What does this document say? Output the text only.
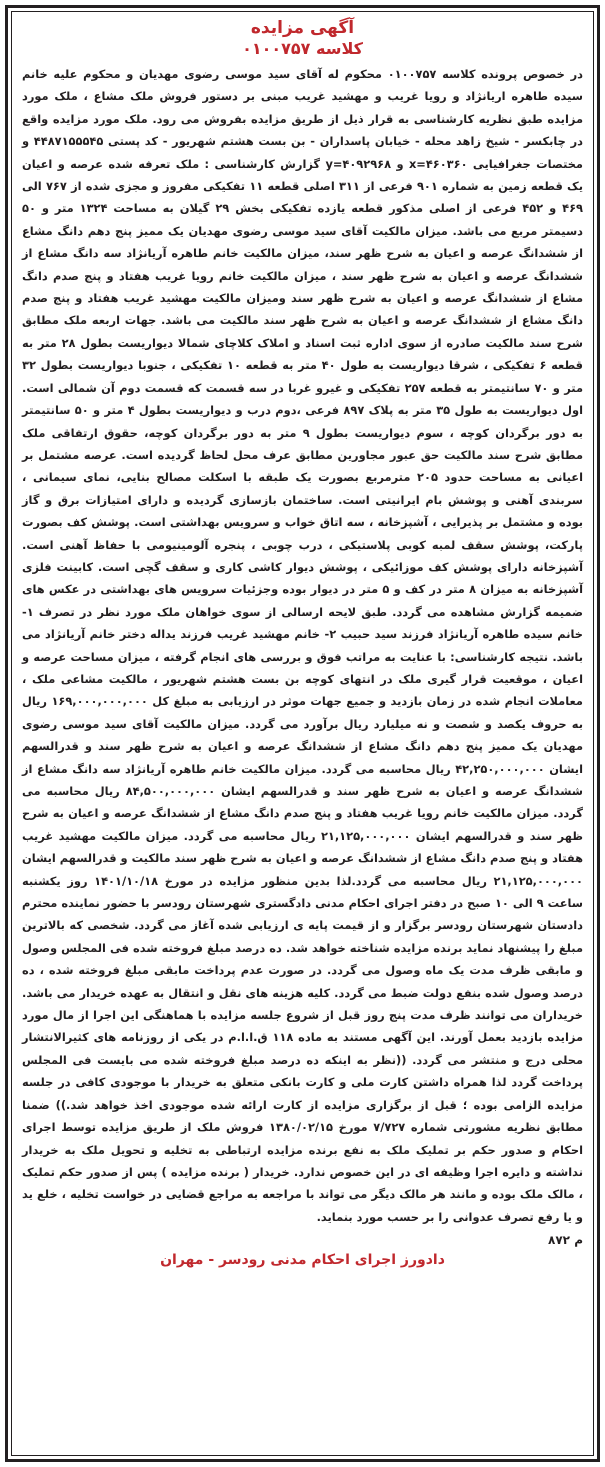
آگهی مزایده
کلاسه ۰۱۰۰۷۵۷

در خصوص پرونده کلاسه ۰۱۰۰۷۵۷ محکوم له آقای سید موسی رضوی مهدیان و محکوم علیه خانم سیده طاهره اریانژاد و رویا غریب و مهشید غریب مبنی بر دستور فروش ملک مشاع ، ملک مورد مزایده طبق نظریه کارشناسی به قرار ذیل از طریق مزایده بفروش می رود. ملک مورد مزایده واقع در چابکسر - شیخ زاهد محله - خیابان پاسداران - بن بست هشتم شهریور - کد پستی ۴۴۸۷۱۵۵۵۴۵ و مختصات جغرافیایی x=۴۶۰۳۶۰ و y=۴۰۹۲۹۶۸ گزارش کارشناسی : ملک تعرفه شده عرصه و اعیان یک قطعه زمین به شماره ۹۰۱ فرعی از ۳۱۱ اصلی قطعه ۱۱ تفکیکی مفروز و مجزی شده از ۷۶۷ الی ۴۶۹ و ۴۵۲ فرعی از اصلی مذکور قطعه یازده تفکیکی بخش ۲۹ گیلان به مساحت ۱۳۲۴ متر و ۵۰ دسیمتر مربع می باشد. میزان مالکیت آقای سید موسی رضوی مهدیان یک ممیز پنج دهم دانگ مشاع از ششدانگ عرصه و اعیان به شرح ظهر سند، میزان مالکیت خانم طاهره آریانژاد سه دانگ مشاع از ششدانگ عرصه و اعیان به شرح ظهر سند ، میزان مالکیت خانم رویا غریب هفتاد و پنج صدم دانگ مشاع از ششدانگ عرصه و اعیان به شرح ظهر سند ومیزان مالکیت مهشید غریب هفتاد و پنج صدم دانگ مشاع از ششدانگ عرصه و اعیان به شرح ظهر سند مالکیت می باشد. جهات اربعه ملک مطابق شرح سند مالکیت صادره از سوی اداره ثبت اسناد و املاک کلاچای شمالا دیواریست بطول ۲۸ متر به قطعه ۶ تفکیکی ، شرقا دیواریست به طول ۴۰ متر به قطعه ۱۰ تفکیکی ، جنوبا دیواریست بطول ۳۲ متر و ۷۰ سانتیمتر به قطعه ۲۵۷ تفکیکی و غیرو غربا در سه قسمت که قسمت دوم آن شمالی است. اول دیواریست به طول ۳۵ متر به پلاک ۸۹۷ فرعی ،دوم درب و دیواریست بطول ۴ متر و ۵۰ سانتیمتر به دور برگردان کوچه ، سوم دیواریست بطول ۹ متر به دور برگردان کوچه، حقوق ارتفاقی ملک مطابق شرح سند مالکیت حق عبور مجاورین مطابق عرف محل لحاظ گردیده است. عرصه مشتمل بر اعیانی به مساحت حدود ۲۰۵ مترمربع بصورت یک طبقه با اسکلت مصالح بنایی، نمای سیمانی ، سربندی آهنی و پوشش بام ایرانیتی است. ساختمان بازسازی گردیده و دارای امتیازات برق و گاز بوده و مشتمل بر پذیرایی ، آشپزخانه ، سه اتاق خواب و سرویس بهداشتی است. پوشش کف بصورت پارکت، پوشش سقف لمبه کوبی پلاستیکی ، درب چوبی ، پنجره آلومینیومی با حفاظ آهنی است. آشپزخانه دارای پوشش کف موزائیکی ، پوشش دیوار کاشی کاری و سقف گچی است. کابینت فلزی آشپزخانه به میزان ۸ متر در کف و ۵ متر در دیوار بوده وجزئیات سرویس های بهداشتی در عکس های ضمیمه گزارش مشاهده می گردد. طبق لایحه ارسالی از سوی خواهان ملک مورد نظر در تصرف ۱- خانم سیده طاهره آریانژاد فرزند سید حبیب ۲- خانم مهشید غریب فرزند یداله دختر خانم آریانژاد می باشد. نتیجه کارشناسی: با عنایت به مراتب فوق و بررسی های انجام گرفته ، میزان مساحت عرصه و اعیان ، موقعیت قرار گیری ملک در انتهای کوچه بن بست هشتم شهریور ، مالکیت مشاعی ملک ، معاملات انجام شده در زمان بازدید و جمیع جهات موثر در ارزیابی به مبلغ کل ۱۶۹,۰۰۰,۰۰۰,۰۰۰ ریال به حروف یکصد و شصت و نه میلیارد ریال برآورد می گردد. میزان مالکیت آقای سید موسی رضوی مهدیان یک ممیز پنج دهم دانگ مشاع از ششدانگ عرصه و اعیان به شرح ظهر سند و قدرالسهم ایشان ۴۲,۲۵۰,۰۰۰,۰۰۰ ریال محاسبه می گردد. میزان مالکیت خانم طاهره آریانژاد سه دانگ مشاع از ششدانگ عرصه و اعیان به شرح ظهر سند و قدرالسهم ایشان ۸۴,۵۰۰,۰۰۰,۰۰۰ ریال محاسبه می گردد. میزان مالکیت خانم رویا غریب هفتاد و پنج صدم دانگ مشاع از ششدانگ عرصه و اعیان به شرح ظهر سند و قدرالسهم ایشان ۲۱,۱۲۵,۰۰۰,۰۰۰ ریال محاسبه می گردد. میزان مالکیت مهشید غریب هفتاد و پنج صدم دانگ مشاع از ششدانگ عرصه و اعیان به شرح ظهر سند مالکیت و قدرالسهم ایشان ۲۱,۱۲۵,۰۰۰,۰۰۰ ریال محاسبه می گردد.لذا بدین منظور مزایده در مورخ ۱۴۰۱/۱۰/۱۸ روز یکشنبه ساعت ۹ الی ۱۰ صبح در دفتر اجرای احکام مدنی دادگستری شهرستان رودسر با حضور نماینده محترم دادستان شهرستان رودسر برگزار و از قیمت پایه ی ارزیابی شده آغاز می گردد. شخصی که بالاترین مبلغ را پیشنهاد نماید برنده مزایده شناخته خواهد شد. ده درصد مبلغ فروخته شده فی المجلس وصول و مابقی ظرف مدت یک ماه وصول می گردد. در صورت عدم پرداخت مابقی مبلغ فروخته شده ، ده درصد وصول شده بنفع دولت ضبط می گردد. کلیه هزینه های نقل و انتقال به عهده خریدار می باشد. خریداران می توانند ظرف مدت پنج روز قبل از شروع جلسه مزایده با هماهنگی این اجرا از مال مورد مزایده بازدید بعمل آورند. این آگهی مستند به ماده ۱۱۸ ق.ا.ا.م در یکی از روزنامه های کثیرالانتشار محلی درج و منتشر می گردد. ((نظر به اینکه ده درصد مبلغ فروخته شده می بایست فی المجلس پرداخت گردد لذا همراه داشتن کارت ملی و کارت بانکی متعلق به خریدار با موجودی کافی در جلسه مزایده الزامی بوده ؛ قبل از برگزاری مزایده از کارت ارائه شده موجودی اخذ خواهد شد.)) ضمنا مطابق نظریه مشورتی شماره ۷/۷۲۷ مورخ ۱۳۸۰/۰۲/۱۵ فروش ملک از طریق مزایده توسط اجرای احکام و صدور حکم بر تملیک ملک به نفع برنده مزایده ارتباطی به تخلیه و تحویل ملک به خریدار نداشته و دایره اجرا وظیفه ای در این خصوص ندارد. خریدار ( برنده مزایده ) پس از صدور حکم تملیک ، مالک ملک بوده و مانند هر مالک دیگر می تواند با مراجعه به مراجع قضایی در خواست تخلیه ، خلع ید و یا رفع تصرف عدوانی را بر حسب مورد بنماید.

م ۸۷۲
دادورز اجرای احکام مدنی رودسر - مهران
